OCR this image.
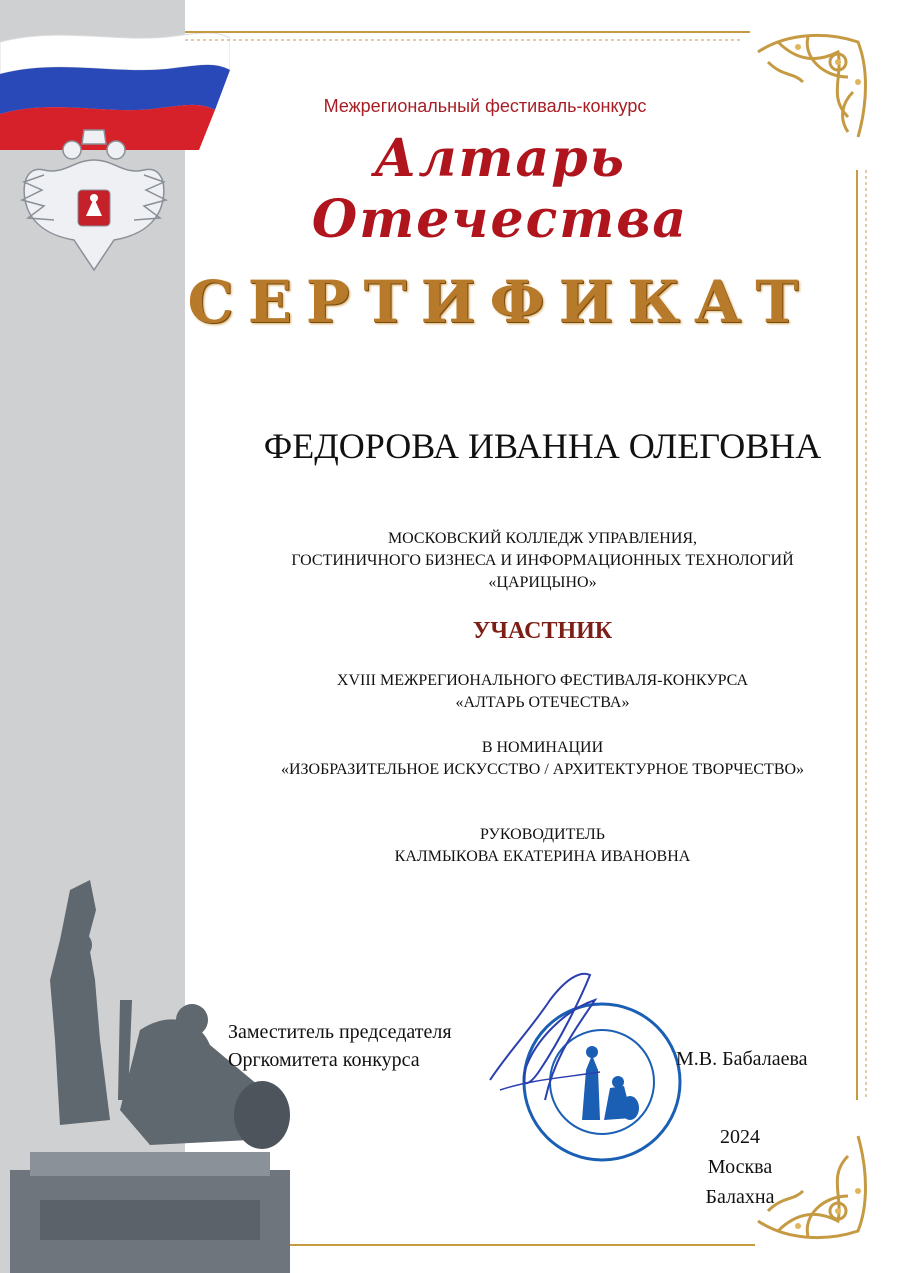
Межрегиональный фестиваль-конкурс
Алтарь Отечества
СЕРТИФИКАТ
ФЕДОРОВА ИВАННА ОЛЕГОВНА
МОСКОВСКИЙ КОЛЛЕДЖ УПРАВЛЕНИЯ,
ГОСТИНИЧНОГО БИЗНЕСА И ИНФОРМАЦИОННЫХ ТЕХНОЛОГИЙ
«ЦАРИЦЫНО»
УЧАСТНИК
XVIII МЕЖРЕГИОНАЛЬНОГО ФЕСТИВАЛЯ-КОНКУРСА
«АЛТАРЬ ОТЕЧЕСТВА»
В НОМИНАЦИИ
«ИЗОБРАЗИТЕЛЬНОЕ ИСКУССТВО / АРХИТЕКТУРНОЕ ТВОРЧЕСТВО»
РУКОВОДИТЕЛЬ
КАЛМЫКОВА ЕКАТЕРИНА ИВАНОВНА
Заместитель председателя
Оргкомитета конкурса	М.В. Бабалаева
2024
Москва
Балахна
